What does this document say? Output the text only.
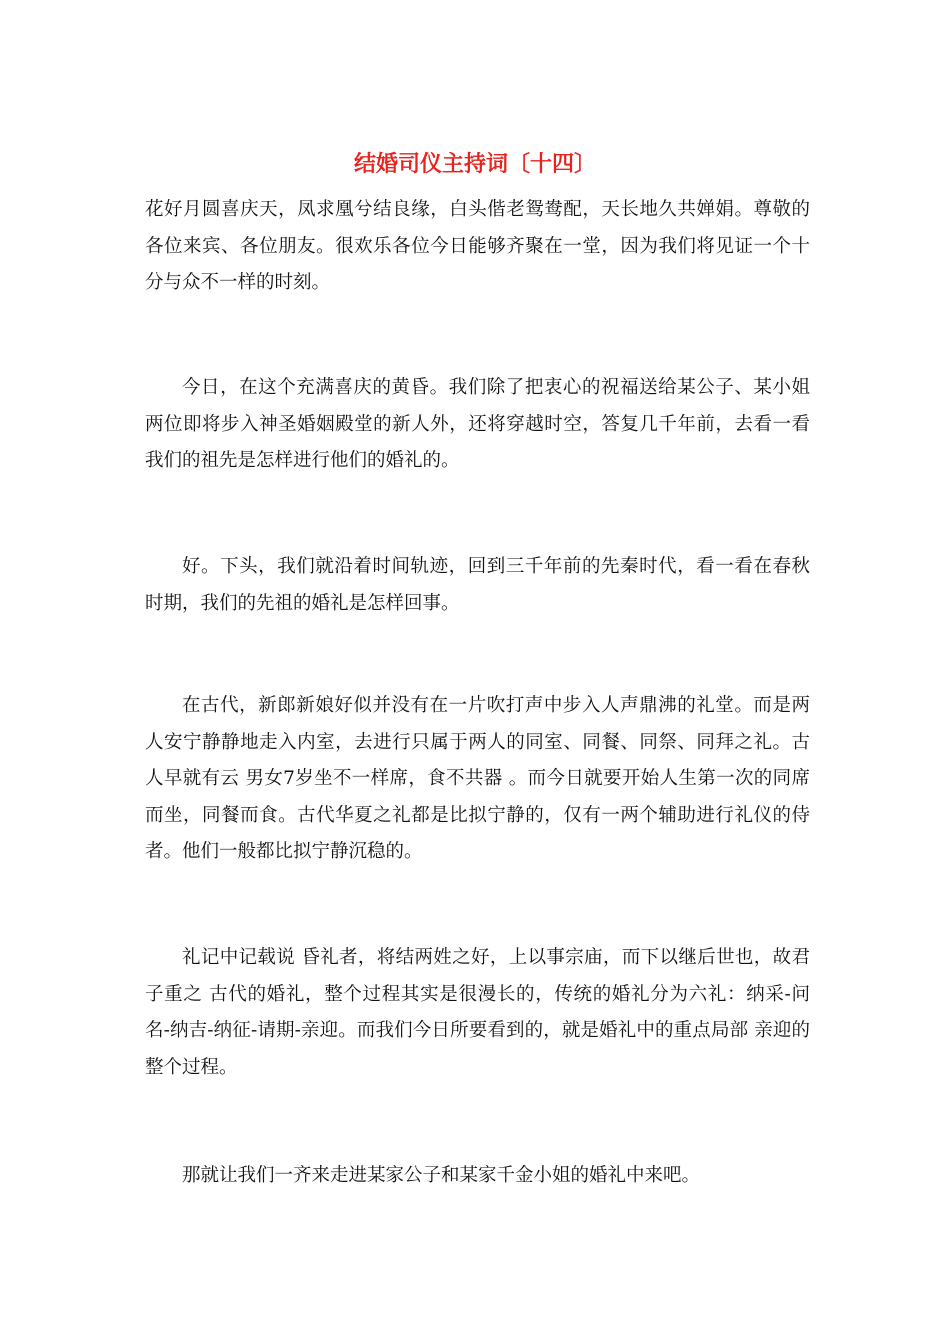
结婚司仪主持词〔十四〕

花好月圆喜庆天，凤求凰兮结良缘，白头偕老鸳鸯配，天长地久共婵娟。尊敬的各位来宾、各位朋友。很欢乐各位今日能够齐聚在一堂，因为我们将见证一个十分与众不一样的时刻。

今日，在这个充满喜庆的黄昏。我们除了把衷心的祝福送给某公子、某小姐两位即将步入神圣婚姻殿堂的新人外，还将穿越时空，答复几千年前，去看一看我们的祖先是怎样进行他们的婚礼的。

好。下头，我们就沿着时间轨迹，回到三千年前的先秦时代，看一看在春秋时期，我们的先祖的婚礼是怎样回事。

在古代，新郎新娘好似并没有在一片吹打声中步入人声鼎沸的礼堂。而是两人安宁静静地走入内室，去进行只属于两人的同室、同餐、同祭、同拜之礼。古人早就有云 男女7岁坐不一样席，食不共器 。而今日就要开始人生第一次的同席而坐，同餐而食。古代华夏之礼都是比拟宁静的，仅有一两个辅助进行礼仪的侍者。他们一般都比拟宁静沉稳的。

礼记中记载说 昏礼者，将结两姓之好，上以事宗庙，而下以继后世也，故君子重之 古代的婚礼，整个过程其实是很漫长的，传统的婚礼分为六礼：纳采-问名-纳吉-纳征-请期-亲迎。而我们今日所要看到的，就是婚礼中的重点局部 亲迎的整个过程。

那就让我们一齐来走进某家公子和某家千金小姐的婚礼中来吧。
